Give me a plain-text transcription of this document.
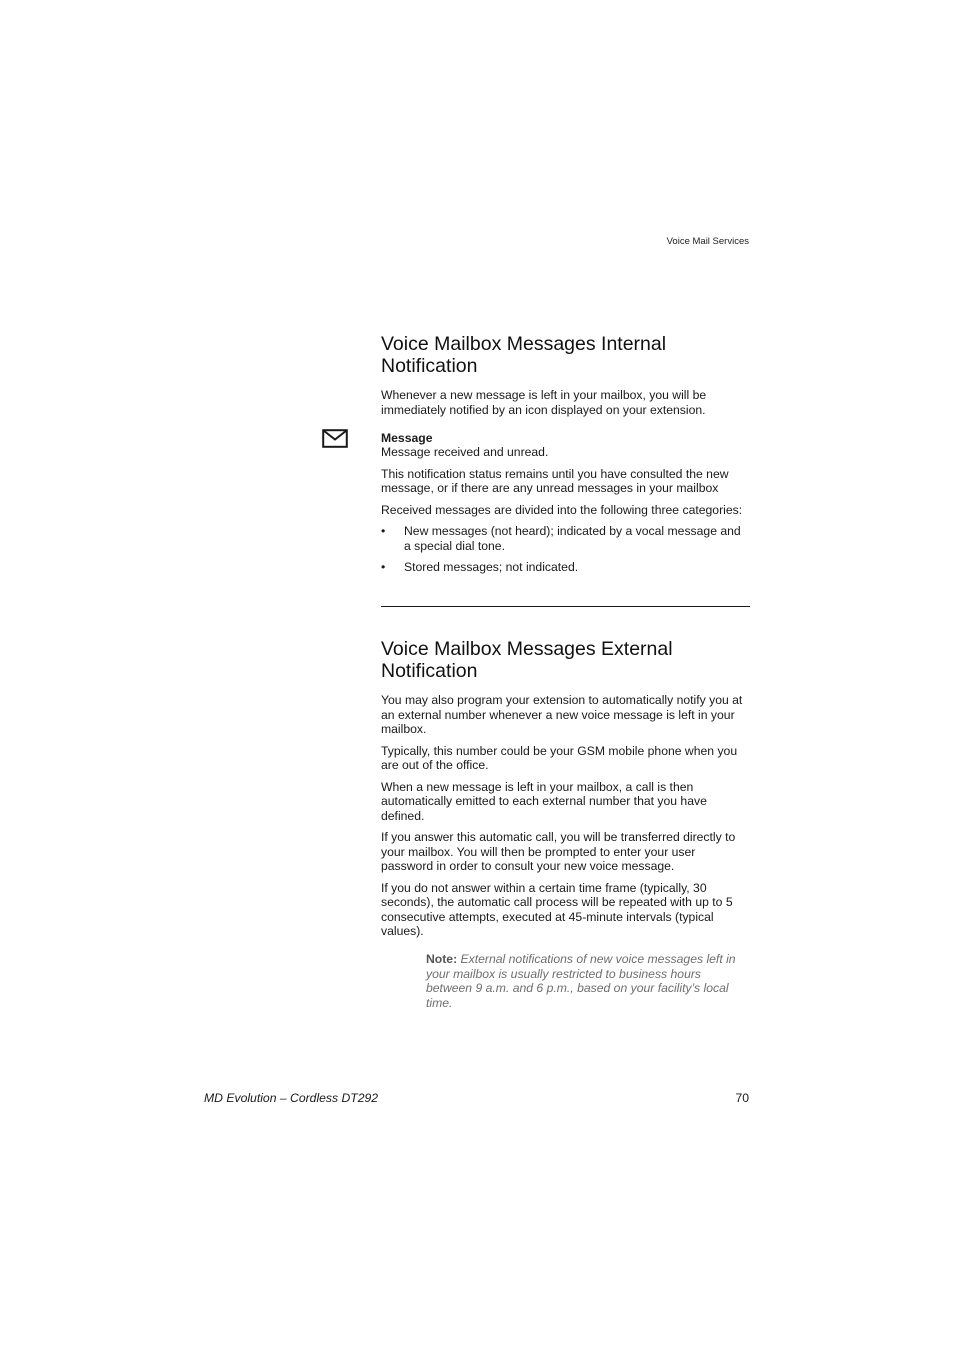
Voice Mail Services
Voice Mailbox Messages Internal Notification

Whenever a new message is left in your mailbox, you will be immediately notified by an icon displayed on your extension.

Message

Message received and unread.

This notification status remains until you have consulted the new message, or if there are any unread messages in your mailbox

Received messages are divided into the following three categories:

• New messages (not heard); indicated by a vocal message and a special dial tone.
• Stored messages; not indicated.
Voice Mailbox Messages External Notification

You may also program your extension to automatically notify you at an external number whenever a new voice message is left in your mailbox.

Typically, this number could be your GSM mobile phone when you are out of the office.

When a new message is left in your mailbox, a call is then automatically emitted to each external number that you have defined.

If you answer this automatic call, you will be transferred directly to your mailbox. You will then be prompted to enter your user password in order to consult your new voice message.

If you do not answer within a certain time frame (typically, 30 seconds), the automatic call process will be repeated with up to 5 consecutive attempts, executed at 45-minute intervals (typical values).

Note: External notifications of new voice messages left in your mailbox is usually restricted to business hours between 9 a.m. and 6 p.m., based on your facility’s local time.
MD Evolution – Cordless DT292	70
